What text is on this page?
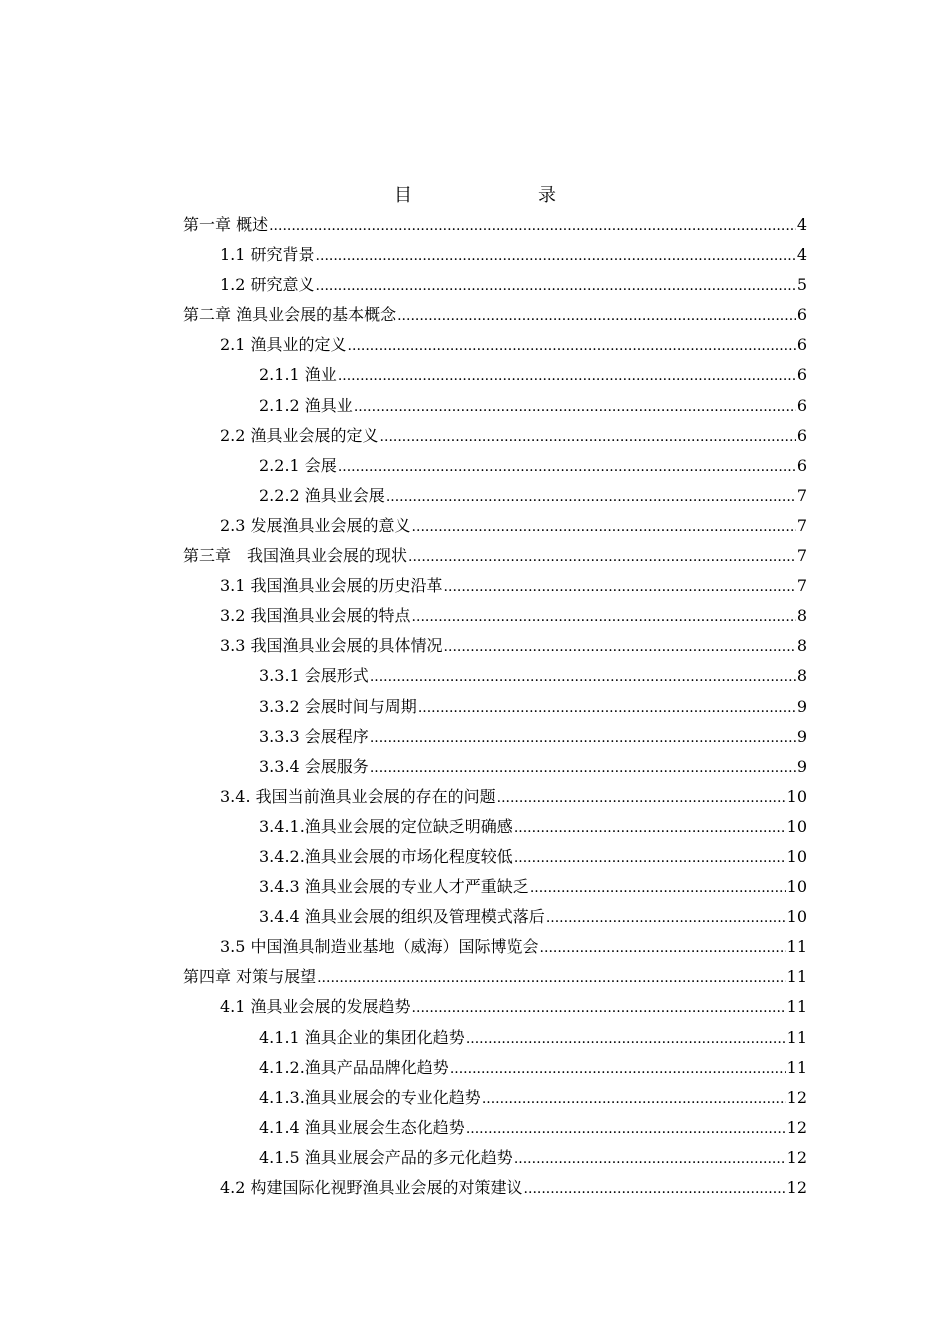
目　　录
第一章 概述 .....	4
1.1 研究背景 .....	4
1.2 研究意义 .....	5
第二章 渔具业会展的基本概念 .....	6
2.1 渔具业的定义 .....	6
2.1.1 渔业 .....	6
2.1.2 渔具业 .....	6
2.2 渔具业会展的定义 .....	6
2.2.1 会展 .....	6
2.2.2 渔具业会展 .....	7
2.3 发展渔具业会展的意义 .....	7
第三章　我国渔具业会展的现状 .....	7
3.1 我国渔具业会展的历史沿革 .....	7
3.2 我国渔具业会展的特点 .....	8
3.3 我国渔具业会展的具体情况 .....	8
3.3.1 会展形式 .....	8
3.3.2 会展时间与周期 .....	9
3.3.3 会展程序 .....	9
3.3.4 会展服务 .....	9
3.4. 我国当前渔具业会展的存在的问题 .....	10
3.4.1.渔具业会展的定位缺乏明确感 .....	10
3.4.2.渔具业会展的市场化程度较低 .....	10
3.4.3 渔具业会展的专业人才严重缺乏 .....	10
3.4.4 渔具业会展的组织及管理模式落后 .....	10
3.5 中国渔具制造业基地（威海）国际博览会 .....	11
第四章 对策与展望 .....	11
4.1 渔具业会展的发展趋势 .....	11
4.1.1 渔具企业的集团化趋势 .....	11
4.1.2.渔具产品品牌化趋势 .....	11
4.1.3.渔具业展会的专业化趋势 .....	12
4.1.4 渔具业展会生态化趋势 .....	12
4.1.5 渔具业展会产品的多元化趋势 .....	12
4.2 构建国际化视野渔具业会展的对策建议 .....	12
